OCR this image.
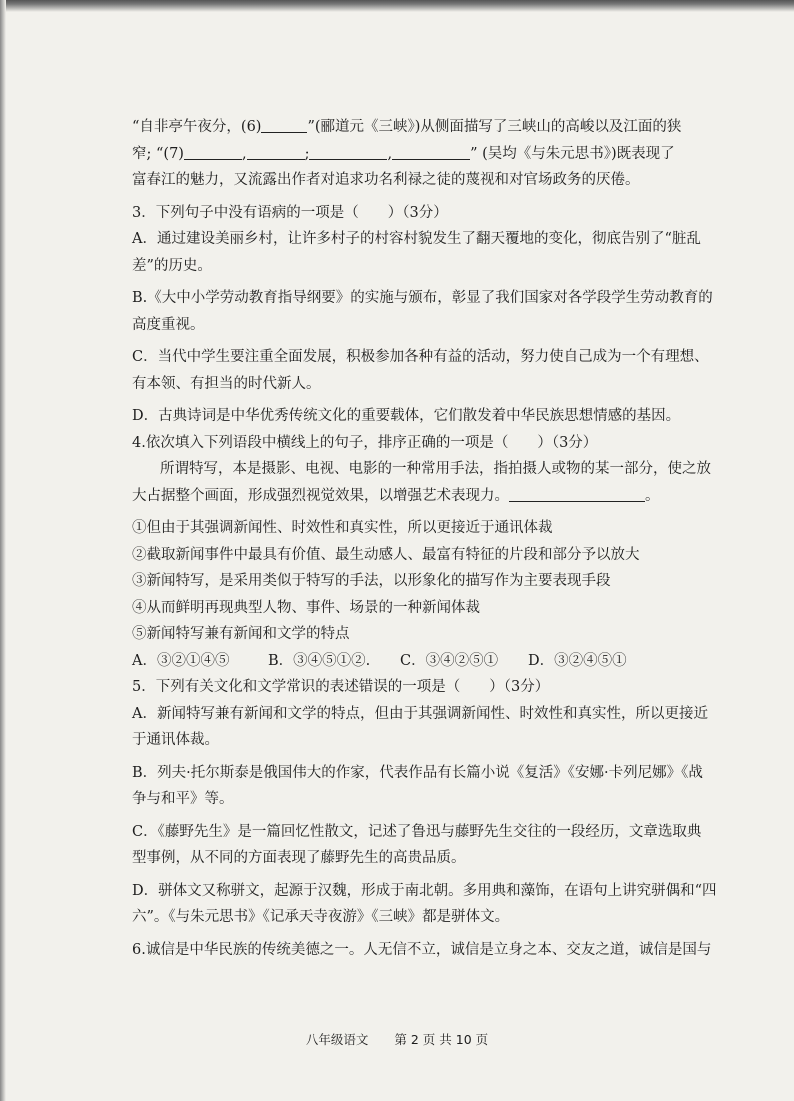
“自非亭午夜分，(6)	”(郦道元《三峡》)从侧面描写了三峡山的高峻以及江面的狭
窄; “(7)	,	;	,	” (吴均《与朱元思书》)既表现了
富春江的魅力，又流露出作者对追求功名利禄之徒的蔑视和对官场政务的厌倦。
3．下列句子中没有语病的一项是（　　）（3分）
A．通过建设美丽乡村，让许多村子的村容村貌发生了翻天覆地的变化，彻底告别了“脏乱
差”的历史。
B.《大中小学劳动教育指导纲要》的实施与颁布，彰显了我们国家对各学段学生劳动教育的
高度重视。
C．当代中学生要注重全面发展，积极参加各种有益的活动，努力使自己成为一个有理想、
有本领、有担当的时代新人。
D．古典诗词是中华优秀传统文化的重要载体，它们散发着中华民族思想情感的基因。
4.依次填入下列语段中横线上的句子，排序正确的一项是（　　）（3分）
所谓特写，本是摄影、电视、电影的一种常用手法，指拍摄人或物的某一部分，使之放
大占据整个画面，形成强烈视觉效果，以增强艺术表现力。	。
①但由于其强调新闻性、时效性和真实性，所以更接近于通讯体裁
②截取新闻事件中最具有价值、最生动感人、最富有特征的片段和部分予以放大
③新闻特写，是采用类似于特写的手法，以形象化的描写作为主要表现手段
④从而鲜明再现典型人物、事件、场景的一种新闻体裁
⑤新闻特写兼有新闻和文学的特点
A．③②①④⑤	B．③④⑤①②.	C．③④②⑤①	D．③②④⑤①
5．下列有关文化和文学常识的表述错误的一项是（　　）（3分）
A．新闻特写兼有新闻和文学的特点，但由于其强调新闻性、时效性和真实性，所以更接近
于通讯体裁。
B．列夫·托尔斯泰是俄国伟大的作家，代表作品有长篇小说《复活》《安娜·卡列尼娜》《战
争与和平》等。
C．《藤野先生》是一篇回忆性散文，记述了鲁迅与藤野先生交往的一段经历，文章选取典
型事例，从不同的方面表现了藤野先生的高贵品质。
D．骈体文又称骈文，起源于汉魏，形成于南北朝。多用典和藻饰，在语句上讲究骈偶和“四
六”。《与朱元思书》《记承天寺夜游》《三峡》都是骈体文。
6.诚信是中华民族的传统美德之一。人无信不立，诚信是立身之本、交友之道，诚信是国与
八年级语文 第 2 页 共 10 页
